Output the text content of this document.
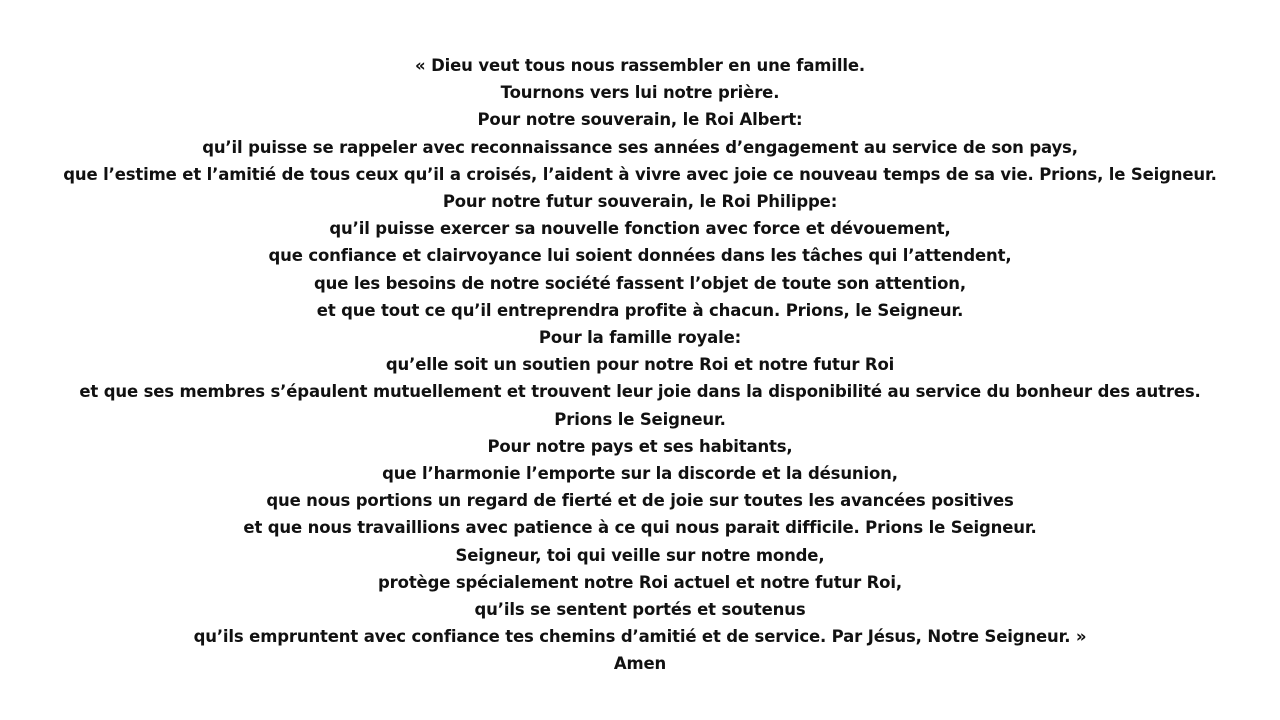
« Dieu veut tous nous rassembler en une famille.
Tournons vers lui notre prière.
Pour notre souverain, le Roi Albert:
qu’il puisse se rappeler avec reconnaissance ses années d’engagement au service de son pays,
que l’estime et l’amitié de tous ceux qu’il a croisés, l’aident à vivre avec joie ce nouveau temps de sa vie. Prions, le Seigneur.
Pour notre futur souverain, le Roi Philippe:
qu’il puisse exercer sa nouvelle fonction avec force et dévouement,
que confiance et clairvoyance lui soient données dans les tâches qui l’attendent,
que les besoins de notre société fassent l’objet de toute son attention,
et que tout ce qu’il entreprendra profite à chacun. Prions, le Seigneur.
Pour la famille royale:
qu’elle soit un soutien pour notre Roi et notre futur Roi
et que ses membres s’épaulent mutuellement et trouvent leur joie dans la disponibilité au service du bonheur des autres.
Prions le Seigneur.
Pour notre pays et ses habitants,
que l’harmonie l’emporte sur la discorde et la désunion,
que nous portions un regard de fierté et de joie sur toutes les avancées positives
et que nous travaillions avec patience à ce qui nous parait difficile. Prions le Seigneur.
Seigneur, toi qui veille sur notre monde,
protège spécialement notre Roi actuel et notre futur Roi,
qu’ils se sentent portés et soutenus
qu’ils empruntent avec confiance tes chemins d’amitié et de service. Par Jésus, Notre Seigneur. »
Amen
